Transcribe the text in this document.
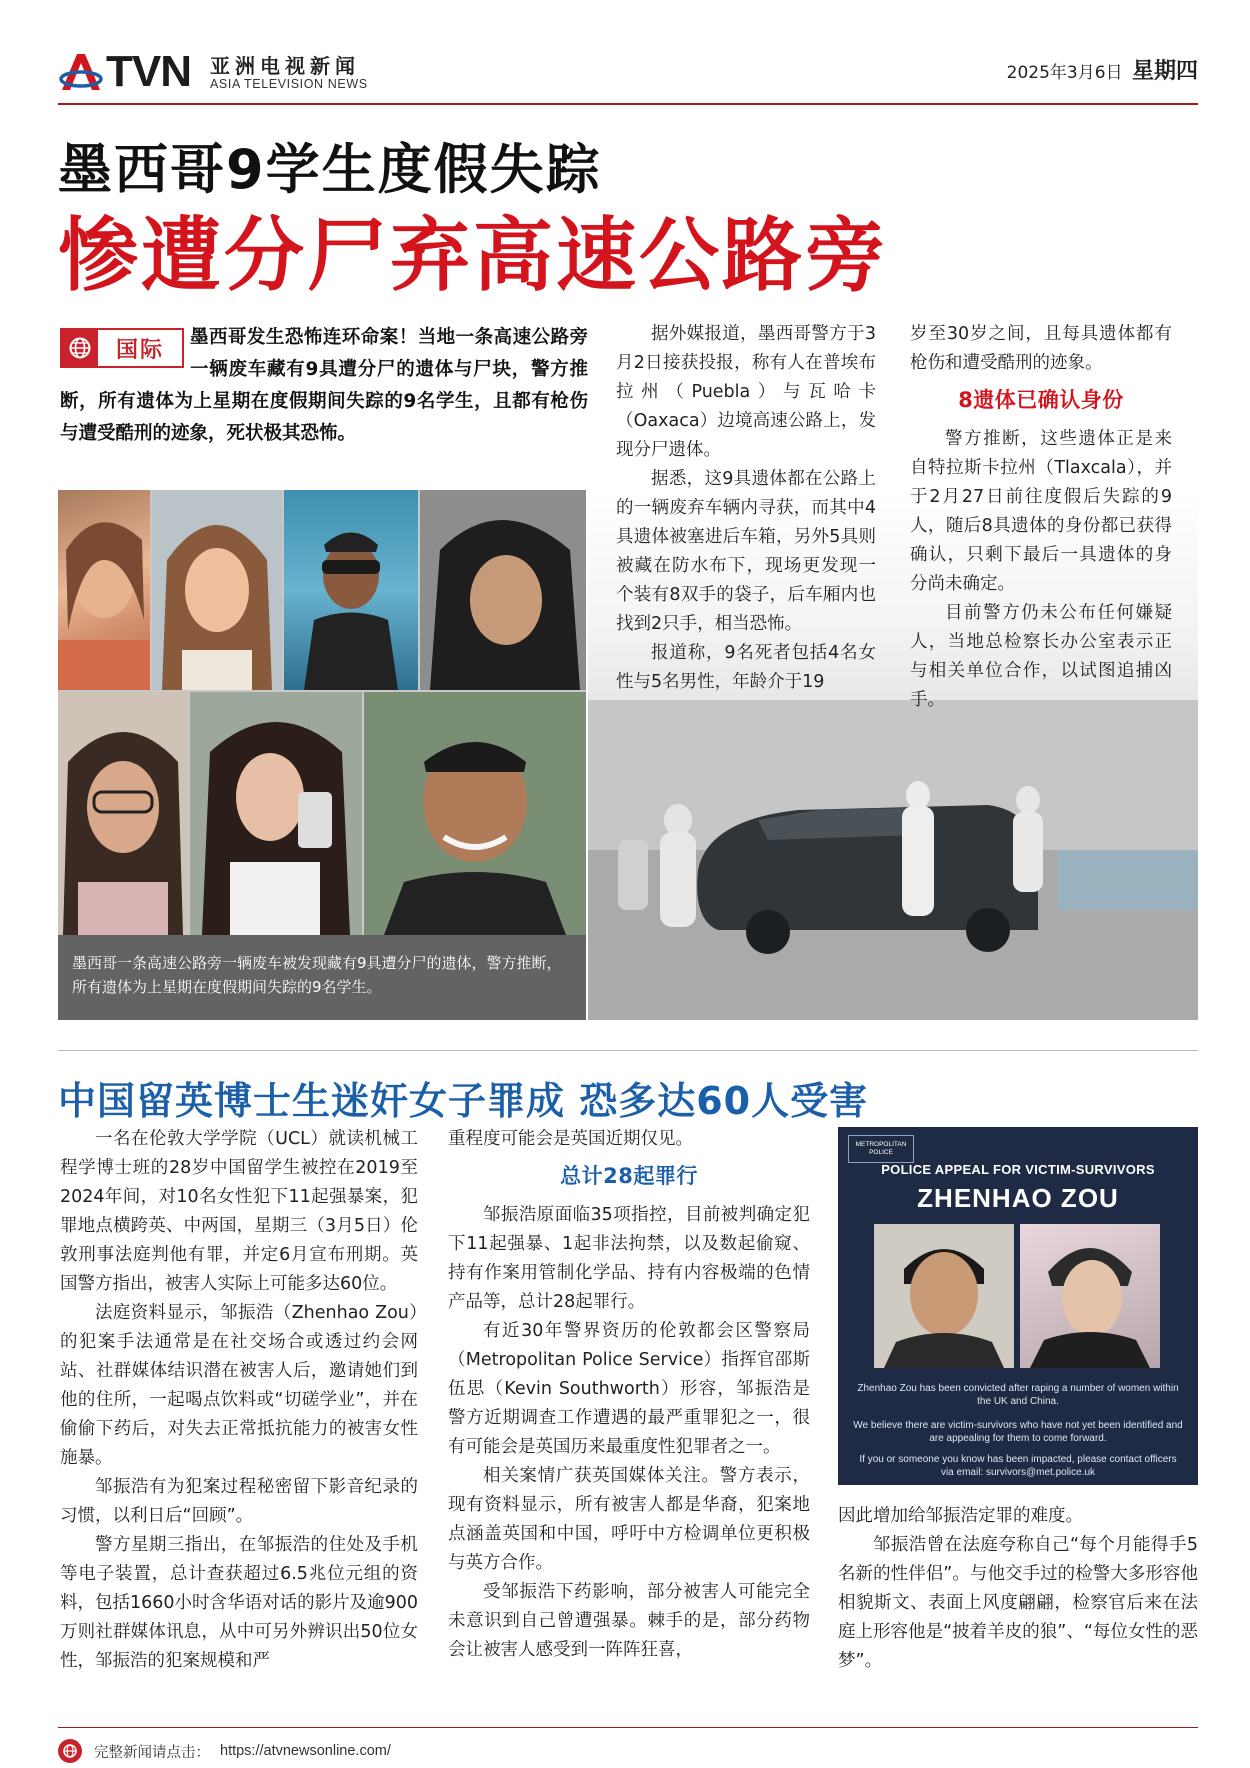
TVN 亚洲电视新闻
ASIA TELEVISION NEWS
2025年3月6日 星期四
墨西哥9学生度假失踪
惨遭分尸弃高速公路旁
墨西哥发生恐怖连环命案！当地一条高速公路旁一辆废车藏有9具遭分尸的遗体与尸块，警方推断，所有遗体为上星期在度假期间失踪的9名学生，且都有枪伤与遭受酷刑的迹象，死状极其恐怖。
国际
墨西哥一条高速公路旁一辆废车被发现藏有9具遭分尸的遗体，警方推断，所有遗体为上星期在度假期间失踪的9名学生。

据外媒报道，墨西哥警方于3月2日接获投报，称有人在普埃布拉州（Puebla）与瓦哈卡（Oaxaca）边境高速公路上，发现分尸遗体。

据悉，这9具遗体都在公路上的一辆废弃车辆内寻获，而其中4具遗体被塞进后车箱，另外5具则被藏在防水布下，现场更发现一个装有8双手的袋子，后车厢内也找到2只手，相当恐怖。

报道称，9名死者包括4名女性与5名男性，年龄介于19

岁至30岁之间，且每具遗体都有枪伤和遭受酷刑的迹象。

8遗体已确认身份

警方推断，这些遗体正是来自特拉斯卡拉州（Tlaxcala），并于2月27日前往度假后失踪的9人，随后8具遗体的身份都已获得确认，只剩下最后一具遗体的身分尚未确定。

目前警方仍未公布任何嫌疑人，当地总检察长办公室表示正与相关单位合作，以试图追捕凶手。

中国留英博士生迷奸女子罪成 恐多达60人受害

一名在伦敦大学学院（UCL）就读机械工程学博士班的28岁中国留学生被控在2019至2024年间，对10名女性犯下11起强暴案，犯罪地点横跨英、中两国，星期三（3月5日）伦敦刑事法庭判他有罪，并定6月宣布刑期。英国警方指出，被害人实际上可能多达60位。

法庭资料显示，邹振浩（Zhenhao Zou）的犯案手法通常是在社交场合或透过约会网站、社群媒体结识潜在被害人后，邀请她们到他的住所，一起喝点饮料或“切磋学业”，并在偷偷下药后，对失去正常抵抗能力的被害女性施暴。

邹振浩有为犯案过程秘密留下影音纪录的习惯，以利日后“回顾”。

警方星期三指出，在邹振浩的住处及手机等电子装置，总计查获超过6.5兆位元组的资料，包括1660小时含华语对话的影片及逾900万则社群媒体讯息，从中可另外辨识出50位女性，邹振浩的犯案规模和严

重程度可能会是英国近期仅见。

总计28起罪行

邹振浩原面临35项指控，目前被判确定犯下11起强暴、1起非法拘禁，以及数起偷窥、持有作案用管制化学品、持有内容极端的色情产品等，总计28起罪行。

有近30年警界资历的伦敦都会区警察局（Metropolitan Police Service）指挥官邵斯伍思（Kevin Southworth）形容，邹振浩是警方近期调查工作遭遇的最严重罪犯之一，很有可能会是英国历来最重度性犯罪者之一。

相关案情广获英国媒体关注。警方表示，现有资料显示，所有被害人都是华裔，犯案地点涵盖英国和中国，呼吁中方检调单位更积极与英方合作。

受邹振浩下药影响，部分被害人可能完全未意识到自己曾遭强暴。棘手的是，部分药物会让被害人感受到一阵阵狂喜，

METROPOLITAN POLICE
POLICE APPEAL FOR VICTIM-SURVIVORS
ZHENHAO ZOU
Zhenhao Zou has been convicted after raping a number of women within the UK and China.
We believe there are victim-survivors who have not yet been identified and are appealing for them to come forward.
If you or someone you know has been impacted, please contact officers via email: survivors@met.police.uk

因此增加给邹振浩定罪的难度。

邹振浩曾在法庭夸称自己“每个月能得手5名新的性伴侣”。与他交手过的检警大多形容他相貌斯文、表面上风度翩翩，检察官后来在法庭上形容他是“披着羊皮的狼”、“每位女性的恶梦”。

完整新闻请点击： https://atvnewsonline.com/
